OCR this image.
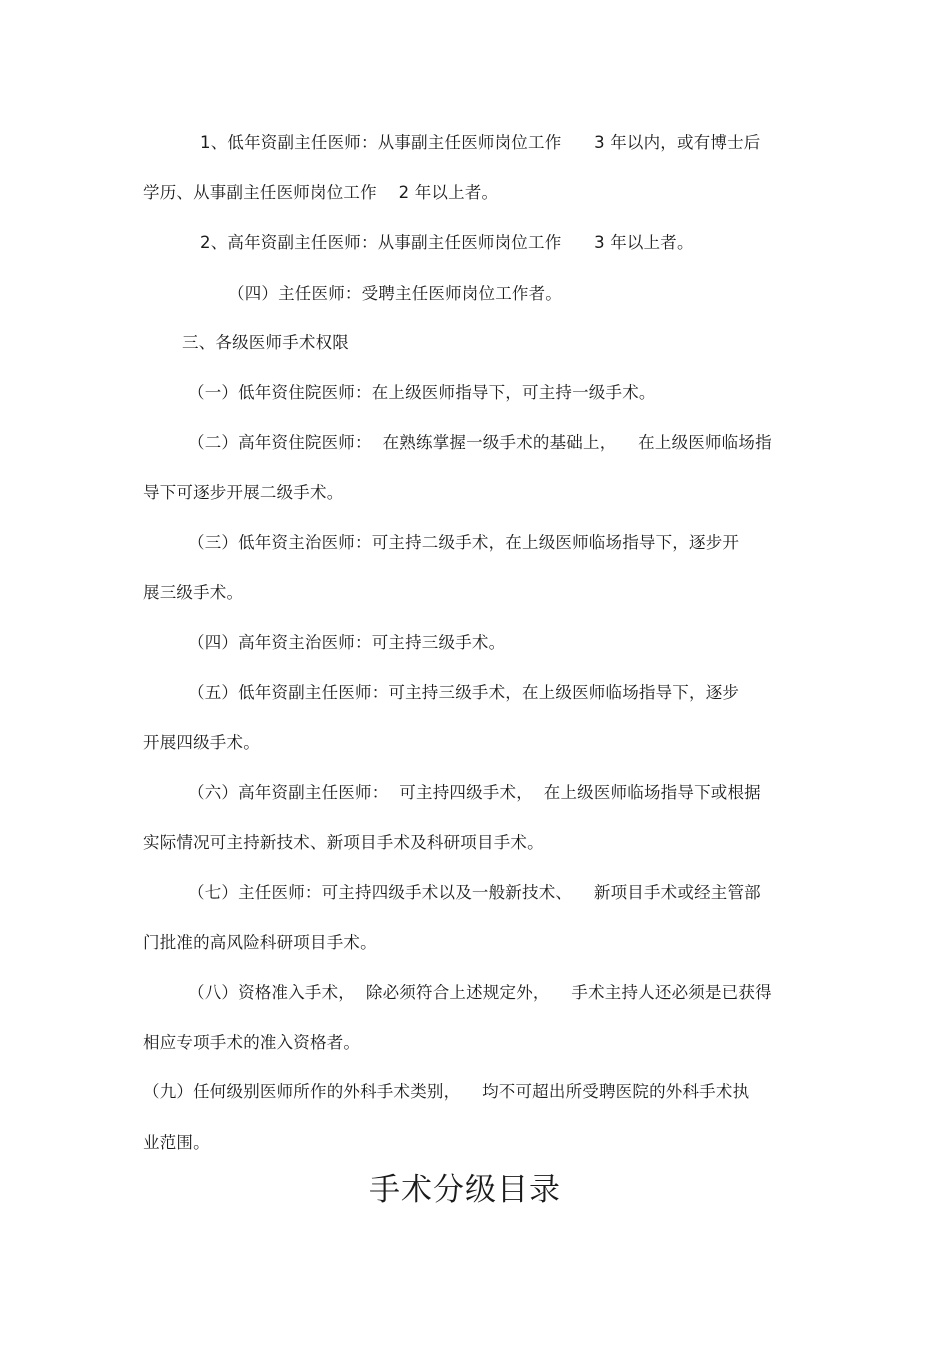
1、低年资副主任医师：从事副主任医师岗位工作      3 年以内，或有博士后
学历、从事副主任医师岗位工作    2 年以上者。
2、高年资副主任医师：从事副主任医师岗位工作      3 年以上者。
（四）主任医师：受聘主任医师岗位工作者。
三、各级医师手术权限
（一）低年资住院医师：在上级医师指导下，可主持一级手术。
（二）高年资住院医师：  在熟练掌握一级手术的基础上，    在上级医师临场指
导下可逐步开展二级手术。
（三）低年资主治医师：可主持二级手术，在上级医师临场指导下，逐步开
展三级手术。
（四）高年资主治医师：可主持三级手术。
（五）低年资副主任医师：可主持三级手术，在上级医师临场指导下，逐步
开展四级手术。
（六）高年资副主任医师：  可主持四级手术，  在上级医师临场指导下或根据
实际情况可主持新技术、新项目手术及科研项目手术。
（七）主任医师：可主持四级手术以及一般新技术、    新项目手术或经主管部
门批准的高风险科研项目手术。
（八）资格准入手术，  除必须符合上述规定外，    手术主持人还必须是已获得
相应专项手术的准入资格者。
（九）任何级别医师所作的外科手术类别，    均不可超出所受聘医院的外科手术执
业范围。
手术分级目录
